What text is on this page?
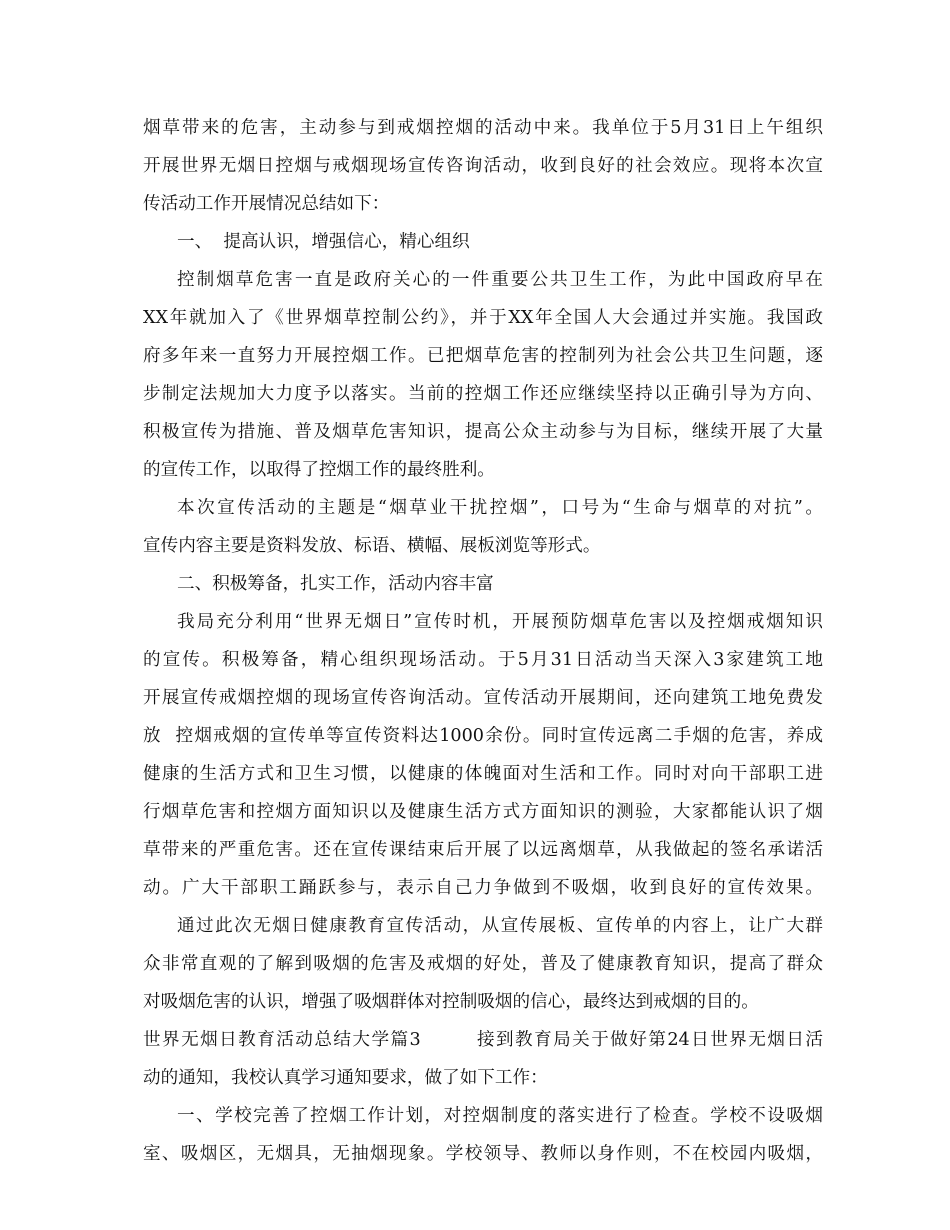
烟草带来的危害，主动参与到戒烟控烟的活动中来。我单位于5月31日上午组织
开展世界无烟日控烟与戒烟现场宣传咨询活动，收到良好的社会效应。现将本次宣
传活动工作开展情况总结如下：
一、  提高认识，增强信心，精心组织
控制烟草危害一直是政府关心的一件重要公共卫生工作，为此中国政府早在
XX年就加入了《世界烟草控制公约》，并于XX年全国人大会通过并实施。我国政
府多年来一直努力开展控烟工作。已把烟草危害的控制列为社会公共卫生问题，逐
步制定法规加大力度予以落实。当前的控烟工作还应继续坚持以正确引导为方向、
积极宣传为措施、普及烟草危害知识，提高公众主动参与为目标，继续开展了大量
的宣传工作，以取得了控烟工作的最终胜利。
本次宣传活动的主题是“烟草业干扰控烟”，口号为“生命与烟草的对抗”。
宣传内容主要是资料发放、标语、横幅、展板浏览等形式。
二、积极筹备，扎实工作，活动内容丰富
我局充分利用“世界无烟日”宣传时机，开展预防烟草危害以及控烟戒烟知识
的宣传。积极筹备，精心组织现场活动。于5月31日活动当天深入3家建筑工地
开展宣传戒烟控烟的现场宣传咨询活动。宣传活动开展期间，还向建筑工地免费发
放  控烟戒烟的宣传单等宣传资料达1000余份。同时宣传远离二手烟的危害，养成
健康的生活方式和卫生习惯，以健康的体魄面对生活和工作。同时对向干部职工进
行烟草危害和控烟方面知识以及健康生活方式方面知识的测验，大家都能认识了烟
草带来的严重危害。还在宣传课结束后开展了以远离烟草，从我做起的签名承诺活
动。广大干部职工踊跃参与，表示自己力争做到不吸烟，收到良好的宣传效果。
通过此次无烟日健康教育宣传活动，从宣传展板、宣传单的内容上，让广大群
众非常直观的了解到吸烟的危害及戒烟的好处，普及了健康教育知识，提高了群众
对吸烟危害的认识，增强了吸烟群体对控制吸烟的信心，最终达到戒烟的目的。
世界无烟日教育活动总结大学篇3        接到教育局关于做好第24日世界无烟日活
动的通知，我校认真学习通知要求，做了如下工作：
一、学校完善了控烟工作计划，对控烟制度的落实进行了检查。学校不设吸烟
室、吸烟区，无烟具，无抽烟现象。学校领导、教师以身作则，不在校园内吸烟，
